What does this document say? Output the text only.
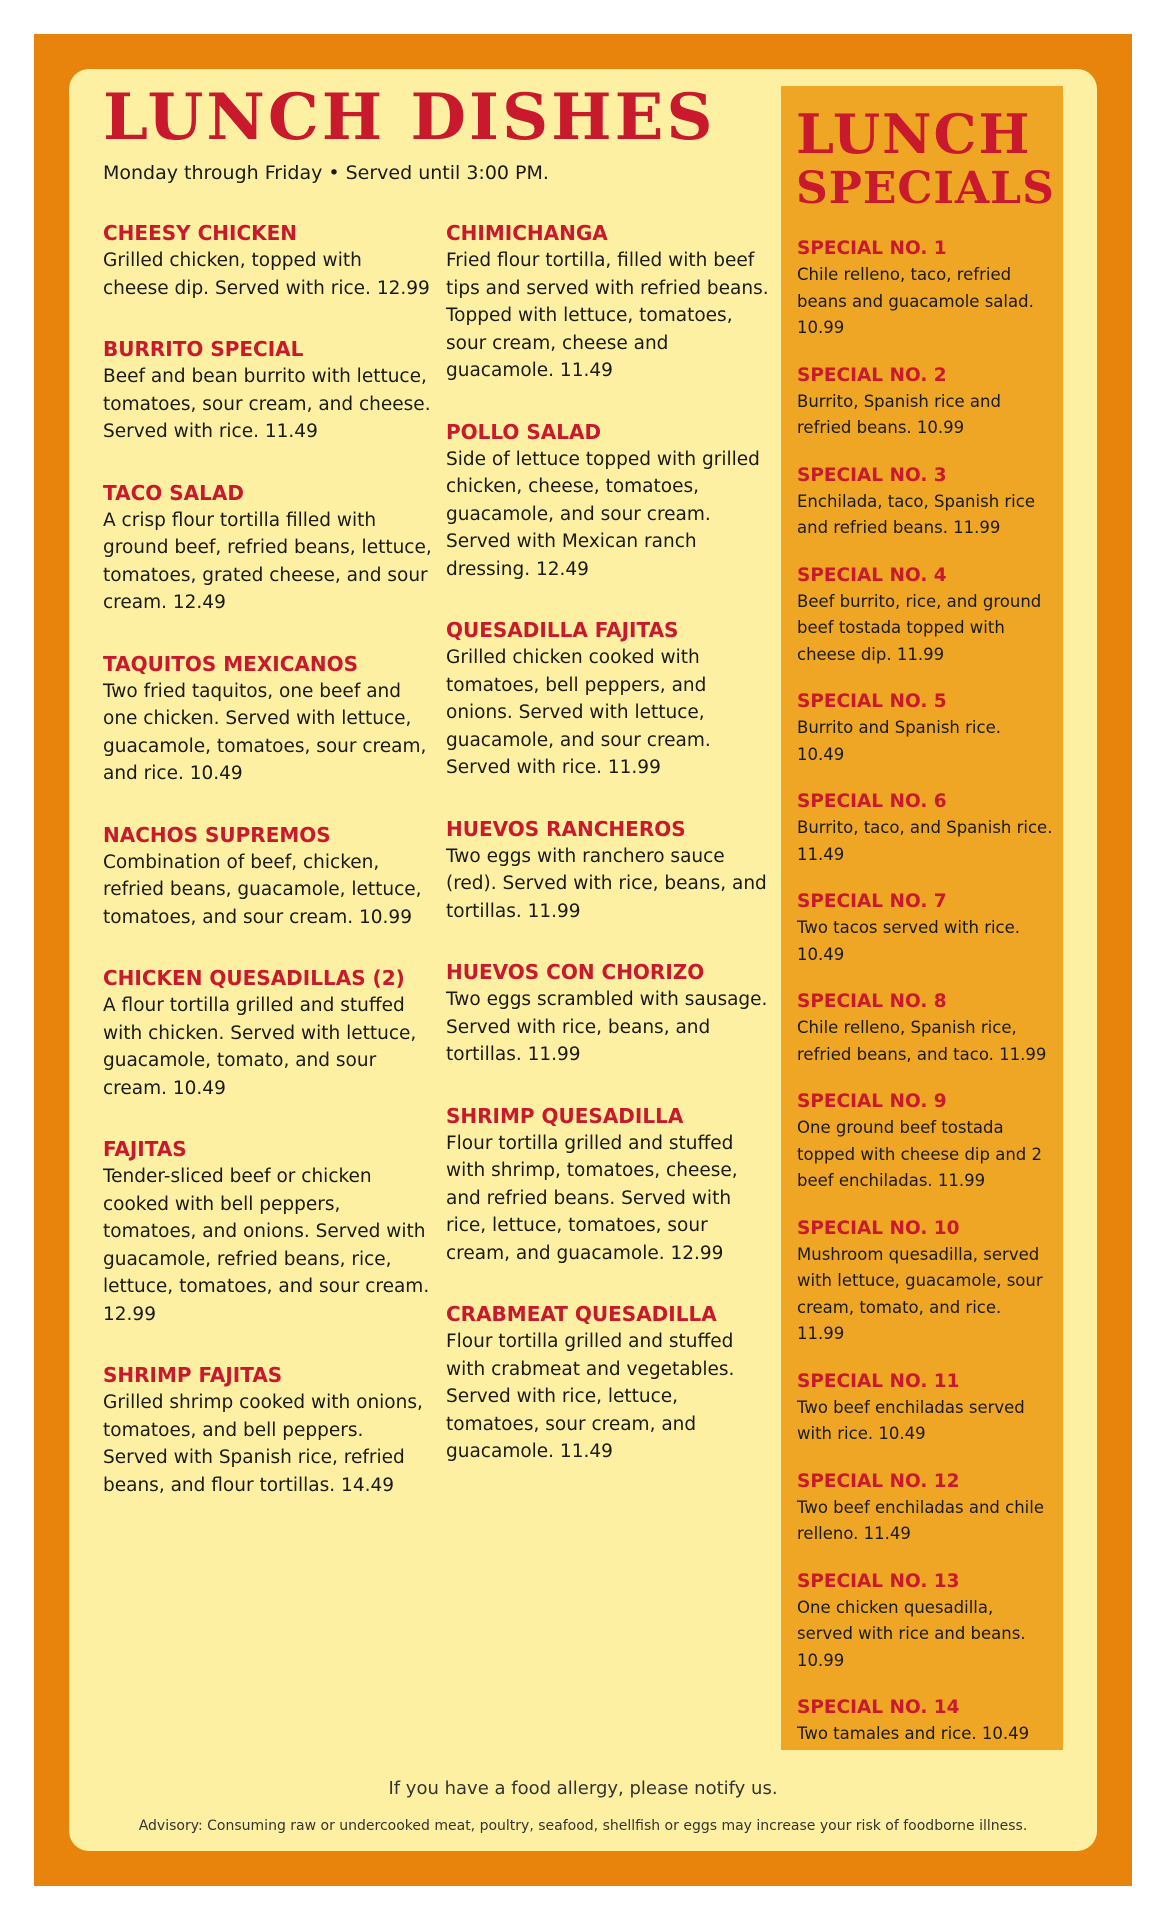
LUNCH DISHES
Monday through Friday • Served until 3:00 PM.
CHEESY CHICKEN
Grilled chicken, topped with cheese dip. Served with rice. 12.99
BURRITO SPECIAL
Beef and bean burrito with lettuce, tomatoes, sour cream, and cheese. Served with rice. 11.49
TACO SALAD
A crisp flour tortilla filled with ground beef, refried beans, lettuce, tomatoes, grated cheese, and sour cream. 12.49
TAQUITOS MEXICANOS
Two fried taquitos, one beef and one chicken. Served with lettuce, guacamole, tomatoes, sour cream, and rice. 10.49
NACHOS SUPREMOS
Combination of beef, chicken, refried beans, guacamole, lettuce, tomatoes, and sour cream. 10.99
CHICKEN QUESADILLAS (2)
A flour tortilla grilled and stuffed with chicken. Served with lettuce, guacamole, tomato, and sour cream. 10.49
FAJITAS
Tender-sliced beef or chicken cooked with bell peppers, tomatoes, and onions. Served with guacamole, refried beans, rice, lettuce, tomatoes, and sour cream. 12.99
SHRIMP FAJITAS
Grilled shrimp cooked with onions, tomatoes, and bell peppers. Served with Spanish rice, refried beans, and flour tortillas. 14.49
CHIMICHANGA
Fried flour tortilla, filled with beef tips and served with refried beans. Topped with lettuce, tomatoes, sour cream, cheese and guacamole. 11.49
POLLO SALAD
Side of lettuce topped with grilled chicken, cheese, tomatoes, guacamole, and sour cream. Served with Mexican ranch dressing. 12.49
QUESADILLA FAJITAS
Grilled chicken cooked with tomatoes, bell peppers, and onions. Served with lettuce, guacamole, and sour cream. Served with rice. 11.99
HUEVOS RANCHEROS
Two eggs with ranchero sauce (red). Served with rice, beans, and tortillas. 11.99
HUEVOS CON CHORIZO
Two eggs scrambled with sausage. Served with rice, beans, and tortillas. 11.99
SHRIMP QUESADILLA
Flour tortilla grilled and stuffed with shrimp, tomatoes, cheese, and refried beans. Served with rice, lettuce, tomatoes, sour cream, and guacamole. 12.99
CRABMEAT QUESADILLA
Flour tortilla grilled and stuffed with crabmeat and vegetables. Served with rice, lettuce, tomatoes, sour cream, and guacamole. 11.49
LUNCH
SPECIALS
SPECIAL NO. 1
Chile relleno, taco, refried beans and guacamole salad. 10.99
SPECIAL NO. 2
Burrito, Spanish rice and refried beans. 10.99
SPECIAL NO. 3
Enchilada, taco, Spanish rice and refried beans. 11.99
SPECIAL NO. 4
Beef burrito, rice, and ground beef tostada topped with cheese dip. 11.99
SPECIAL NO. 5
Burrito and Spanish rice. 10.49
SPECIAL NO. 6
Burrito, taco, and Spanish rice. 11.49
SPECIAL NO. 7
Two tacos served with rice. 10.49
SPECIAL NO. 8
Chile relleno, Spanish rice, refried beans, and taco. 11.99
SPECIAL NO. 9
One ground beef tostada topped with cheese dip and 2 beef enchiladas. 11.99
SPECIAL NO. 10
Mushroom quesadilla, served with lettuce, guacamole, sour cream, tomato, and rice. 11.99
SPECIAL NO. 11
Two beef enchiladas served with rice. 10.49
SPECIAL NO. 12
Two beef enchiladas and chile relleno. 11.49
SPECIAL NO. 13
One chicken quesadilla, served with rice and beans. 10.99
SPECIAL NO. 14
Two tamales and rice. 10.49
If you have a food allergy, please notify us.
Advisory: Consuming raw or undercooked meat, poultry, seafood, shellfish or eggs may increase your risk of foodborne illness.
